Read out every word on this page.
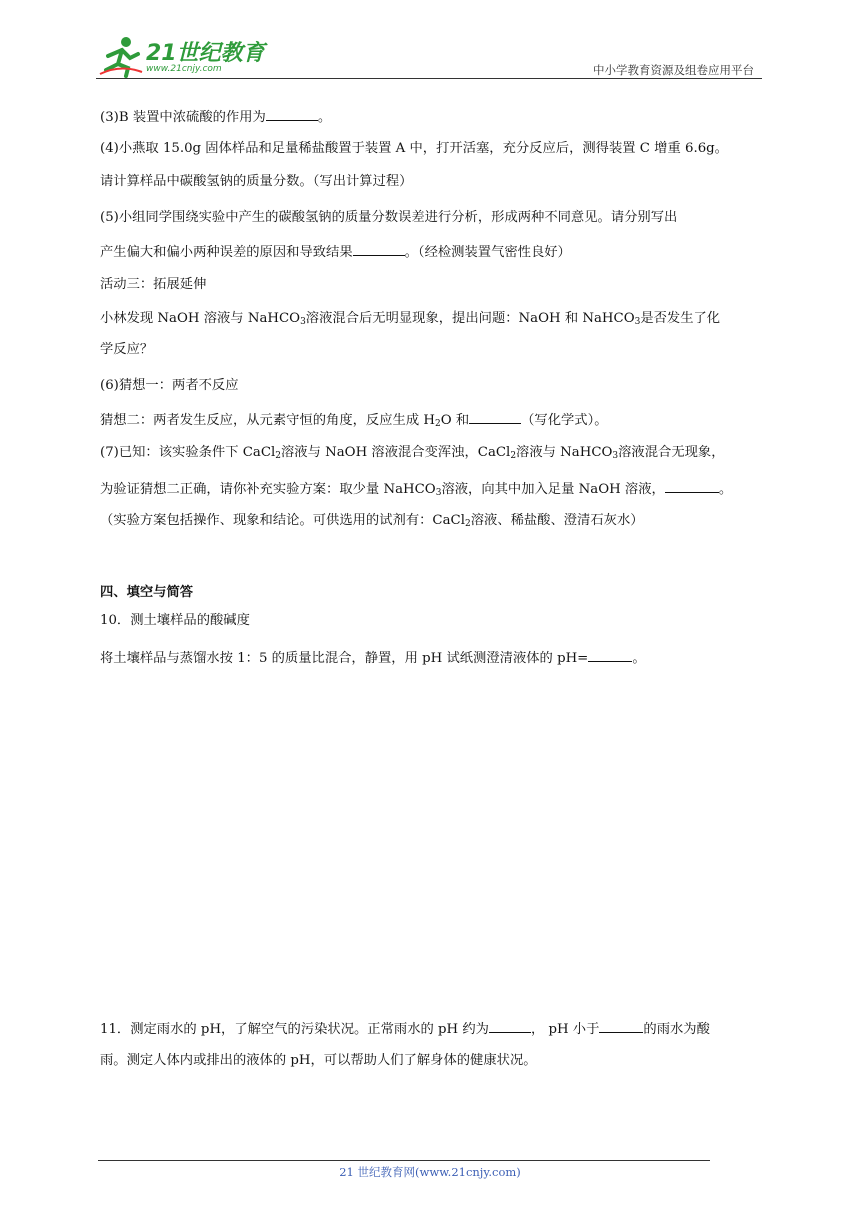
21世纪教育
www.21cnjy.com	中小学教育资源及组卷应用平台
(3)B 装置中浓硫酸的作用为	。
(4)小燕取 15.0g 固体样品和足量稀盐酸置于装置 A 中，打开活塞，充分反应后，测得装置 C 增重 6.6g。
请计算样品中碳酸氢钠的质量分数。（写出计算过程）
(5)小组同学围绕实验中产生的碳酸氢钠的质量分数误差进行分析，形成两种不同意见。请分别写出
产生偏大和偏小两种误差的原因和导致结果	。（经检测装置气密性良好）
活动三：拓展延伸
小林发现 NaOH 溶液与 NaHCO$_3$溶液混合后无明显现象，提出问题：NaOH 和 NaHCO$_3$是否发生了化
学反应？
(6)猜想一：两者不反应
猜想二：两者发生反应，从元素守恒的角度，反应生成 $H_2O$ 和	（写化学式）。
(7)已知：该实验条件下 CaCl$_2$溶液与 NaOH 溶液混合变浑浊，CaCl$_2$溶液与 NaHCO$_3$溶液混合无现象，
为验证猜想二正确，请你补充实验方案：取少量 NaHCO$_3$溶液，向其中加入足量 NaOH 溶液，	。
（实验方案包括操作、现象和结论。可供选用的试剂有：CaCl$_2$溶液、稀盐酸、澄清石灰水）
四、填空与简答
10．测土壤样品的酸碱度
将土壤样品与蒸馏水按 1：5 的质量比混合，静置，用 pH 试纸测澄清液体的 pH=	。
11．测定雨水的 pH，了解空气的污染状况。正常雨水的 pH 约为	， pH 小于	的雨水为酸
雨。测定人体内或排出的液体的 pH，可以帮助人们了解身体的健康状况。
21 世纪教育网(www.21cnjy.com)
